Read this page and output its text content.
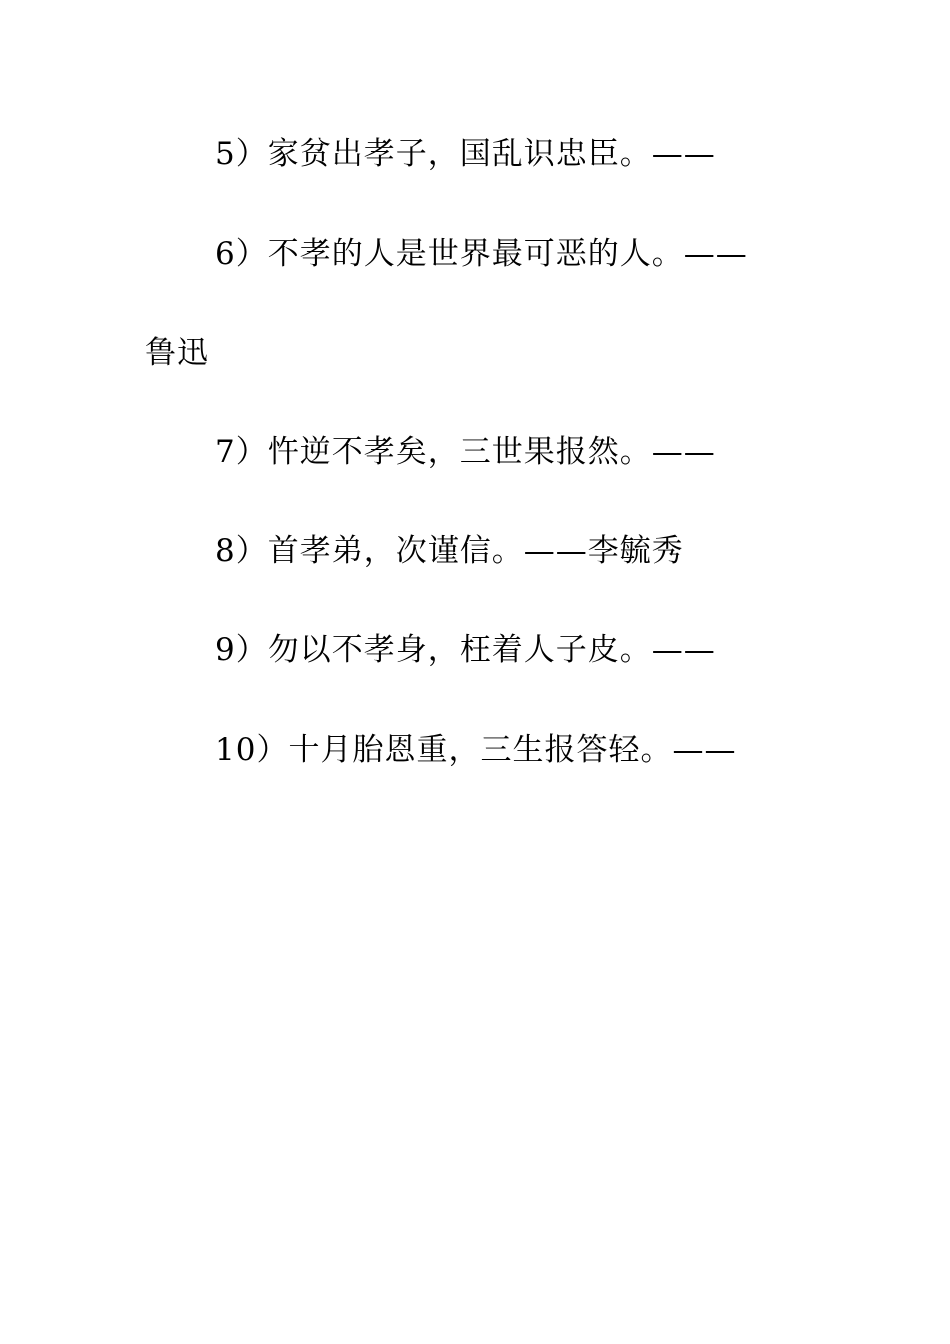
5）家贫出孝子，国乱识忠臣。——
6）不孝的人是世界最可恶的人。——
鲁迅
7）忤逆不孝矣，三世果报然。——
8）首孝弟，次谨信。——李毓秀
9）勿以不孝身，枉着人子皮。——
10）十月胎恩重，三生报答轻。——
